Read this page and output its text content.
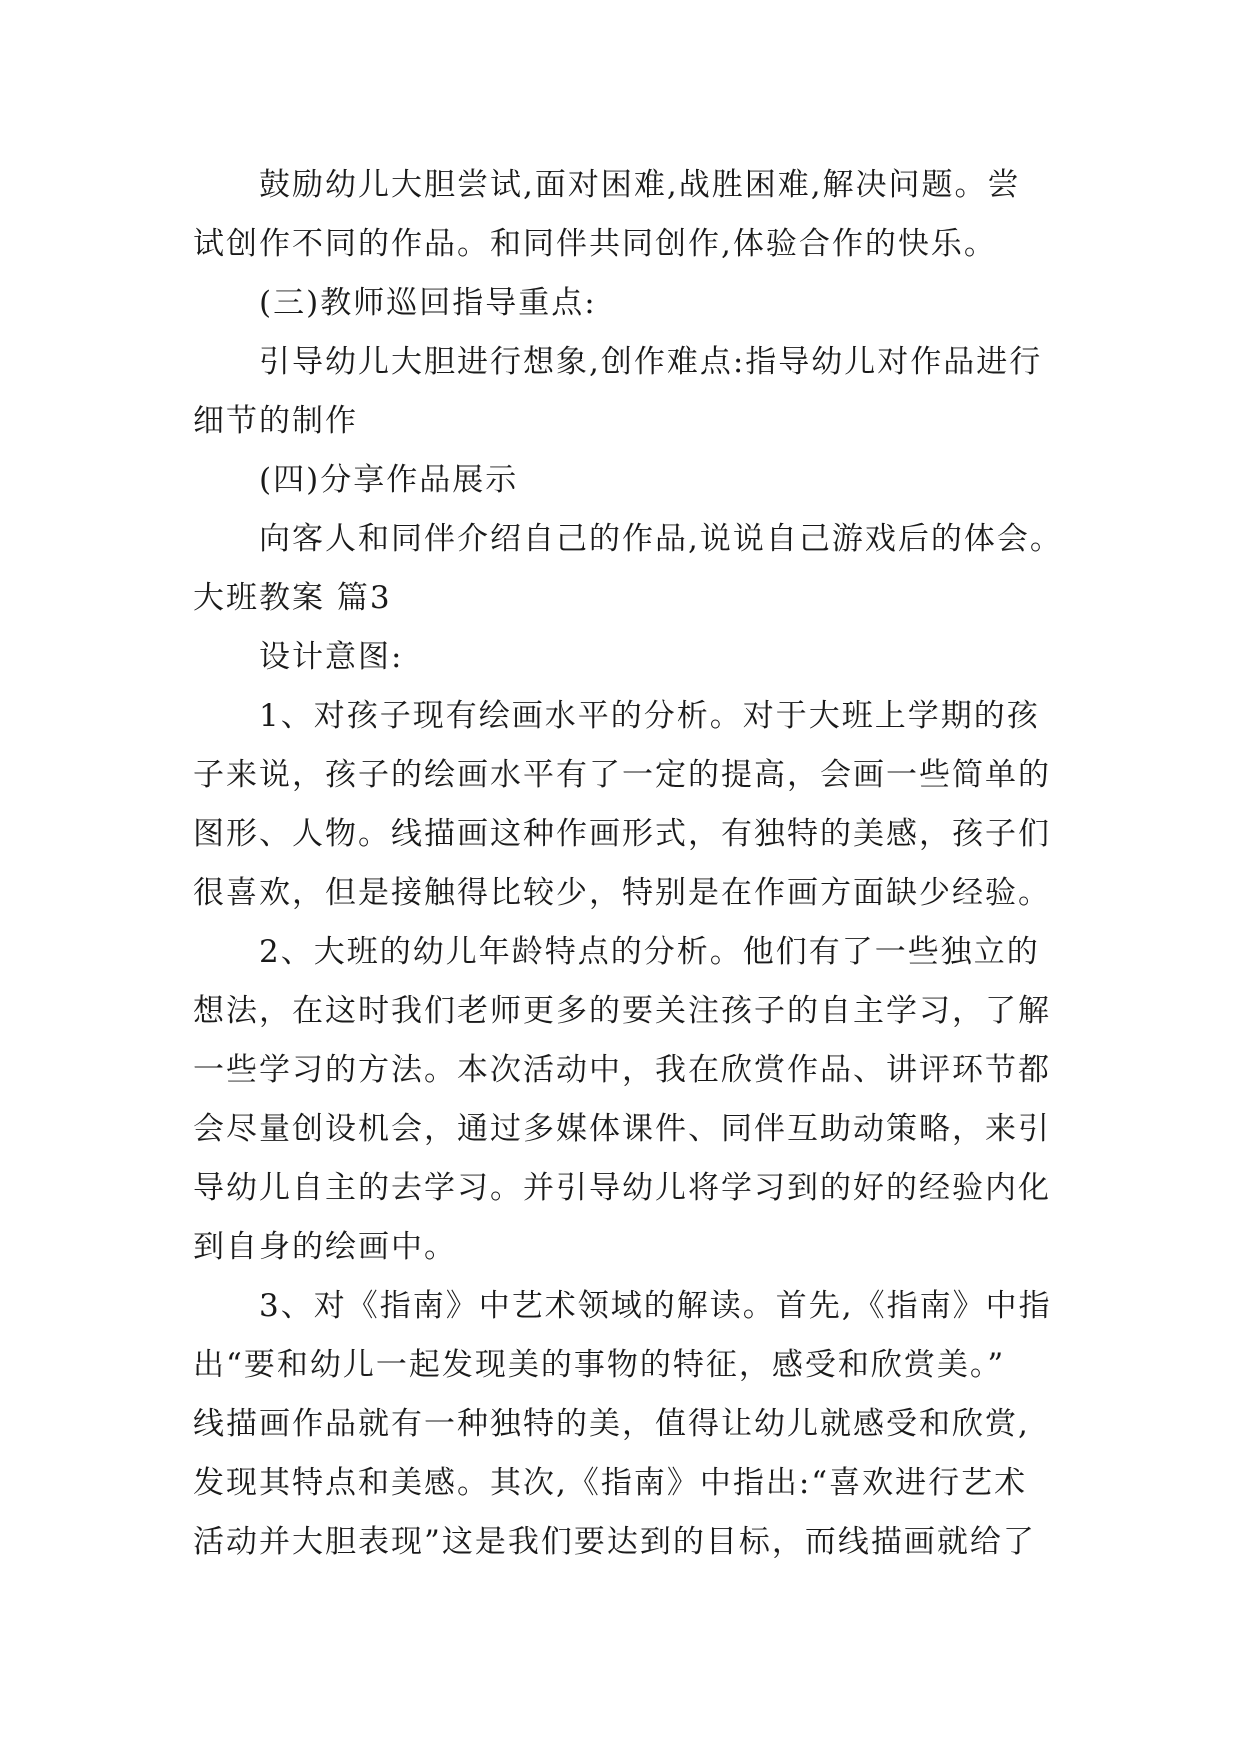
鼓励幼儿大胆尝试,面对困难,战胜困难,解决问题。尝
试创作不同的作品。和同伴共同创作,体验合作的快乐。
(三)教师巡回指导重点:
引导幼儿大胆进行想象,创作难点:指导幼儿对作品进行
细节的制作
(四)分享作品展示
向客人和同伴介绍自己的作品,说说自己游戏后的体会。
大班教案 篇3
设计意图:
1、对孩子现有绘画水平的分析。对于大班上学期的孩
子来说，孩子的绘画水平有了一定的提高，会画一些简单的
图形、人物。线描画这种作画形式，有独特的美感，孩子们
很喜欢，但是接触得比较少，特别是在作画方面缺少经验。
2、大班的幼儿年龄特点的分析。他们有了一些独立的
想法，在这时我们老师更多的要关注孩子的自主学习，了解
一些学习的方法。本次活动中，我在欣赏作品、讲评环节都
会尽量创设机会，通过多媒体课件、同伴互助动策略，来引
导幼儿自主的去学习。并引导幼儿将学习到的好的经验内化
到自身的绘画中。
3、对《指南》中艺术领域的解读。首先,《指南》中指
出“要和幼儿一起发现美的事物的特征，感受和欣赏美。”
线描画作品就有一种独特的美，值得让幼儿就感受和欣赏,
发现其特点和美感。其次,《指南》中指出:“喜欢进行艺术
活动并大胆表现”这是我们要达到的目标，而线描画就给了
